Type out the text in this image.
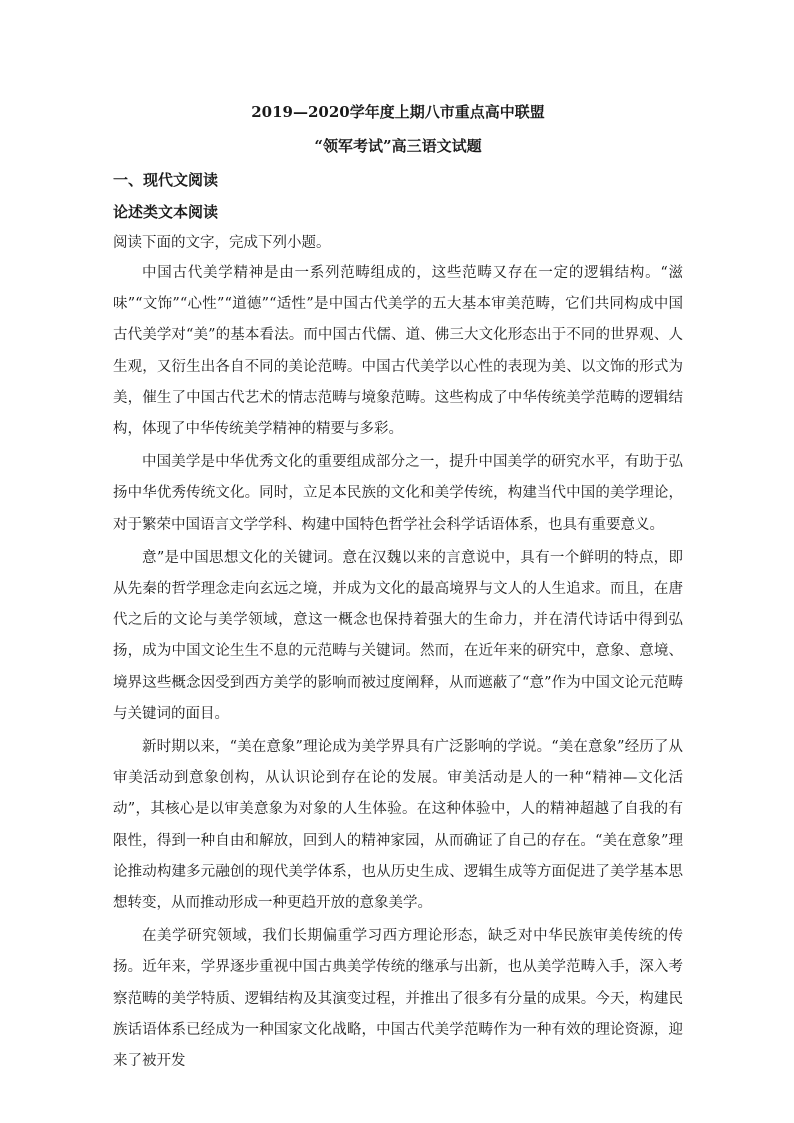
2019—2020学年度上期八市重点高中联盟
“领军考试”高三语文试题
一、现代文阅读
论述类文本阅读
阅读下面的文字，完成下列小题。

中国古代美学精神是由一系列范畴组成的，这些范畴又存在一定的逻辑结构。“滋味”“文饰”“心性”“道德”“适性”是中国古代美学的五大基本审美范畴，它们共同构成中国古代美学对“美”的基本看法。而中国古代儒、道、佛三大文化形态出于不同的世界观、人生观，又衍生出各自不同的美论范畴。中国古代美学以心性的表现为美、以文饰的形式为美，催生了中国古代艺术的情志范畴与境象范畴。这些构成了中华传统美学范畴的逻辑结构，体现了中华传统美学精神的精要与多彩。

中国美学是中华优秀文化的重要组成部分之一，提升中国美学的研究水平，有助于弘扬中华优秀传统文化。同时，立足本民族的文化和美学传统，构建当代中国的美学理论，对于繁荣中国语言文学学科、构建中国特色哲学社会科学话语体系，也具有重要意义。

意”是中国思想文化的关键词。意在汉魏以来的言意说中，具有一个鲜明的特点，即从先秦的哲学理念走向玄远之境，并成为文化的最高境界与文人的人生追求。而且，在唐代之后的文论与美学领域，意这一概念也保持着强大的生命力，并在清代诗话中得到弘扬，成为中国文论生生不息的元范畴与关键词。然而，在近年来的研究中，意象、意境、境界这些概念因受到西方美学的影响而被过度阐释，从而遮蔽了“意”作为中国文论元范畴与关键词的面目。

新时期以来，“美在意象”理论成为美学界具有广泛影响的学说。“美在意象”经历了从审美活动到意象创构，从认识论到存在论的发展。审美活动是人的一种“精神—文化活动”，其核心是以审美意象为对象的人生体验。在这种体验中，人的精神超越了自我的有限性，得到一种自由和解放，回到人的精神家园，从而确证了自己的存在。“美在意象”理论推动构建多元融创的现代美学体系，也从历史生成、逻辑生成等方面促进了美学基本思想转变，从而推动形成一种更趋开放的意象美学。

在美学研究领域，我们长期偏重学习西方理论形态，缺乏对中华民族审美传统的传扬。近年来，学界逐步重视中国古典美学传统的继承与出新，也从美学范畴入手，深入考察范畴的美学特质、逻辑结构及其演变过程，并推出了很多有分量的成果。今天，构建民族话语体系已经成为一种国家文化战略，中国古代美学范畴作为一种有效的理论资源，迎来了被开发
